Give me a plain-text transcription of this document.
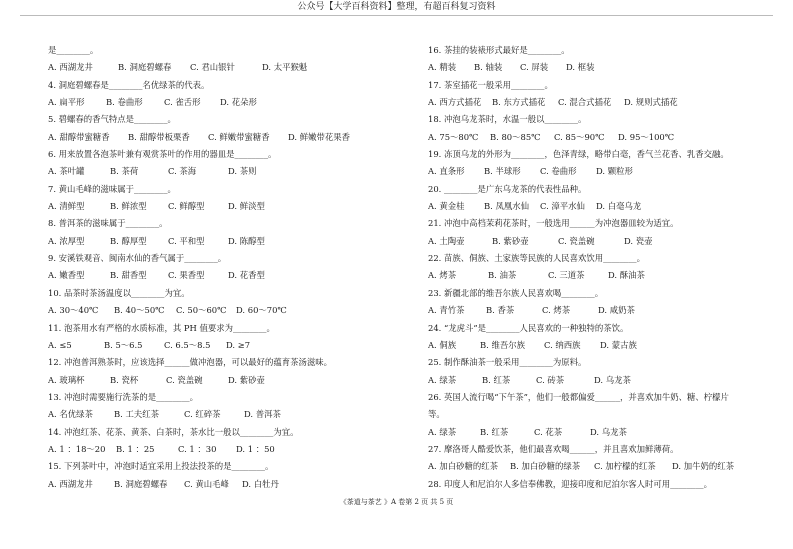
公众号【大学百科资料】整理，有超百科复习资料
是________。
A. 西湖龙井	B. 洞庭碧螺春	C. 君山银针	D. 太平猴魁
4. 洞庭碧螺春是________名优绿茶的代表。
A. 扁平形	B. 卷曲形	C. 雀舌形	D. 花朵形
5. 碧螺春的香气特点是________。
A. 甜醇带蜜糖香	B. 甜醇带板栗香	C. 鲜嫩带蜜糖香	D. 鲜嫩带花果香
6. 用来放置各泡茶叶兼有观赏茶叶的作用的器皿是________。
A. 茶叶罐	B. 茶荷	C. 茶海	D. 茶则
7. 黄山毛峰的滋味属于________。
A. 清鲜型	B. 鲜浓型	C. 鲜醇型	D. 鲜淡型
8. 普洱茶的滋味属于________。
A. 浓厚型	B. 醇厚型	C. 平和型	D. 陈醇型
9. 安溪铁观音、闽南水仙的香气属于________。
A. 嫩香型	B. 甜香型	C. 果香型	D. 花香型
10. 品茶时茶汤温度以________为宜。
A. 30～40℃	B. 40～50℃	C. 50～60℃	D. 60～70℃
11. 泡茶用水有严格的水质标准，其 PH 值要求为________。
A. ≤5	B. 5～6.5	C. 6.5～8.5	D. ≥7
12. 冲泡普洱熟茶时，应该选择______做冲泡器，可以最好的蕴育茶汤滋味。
A. 玻璃杯	B. 瓷杯	C. 瓷盖碗	D. 紫砂壶
13. 冲泡时需要施行洗茶的是________。
A. 名优绿茶	B. 工夫红茶	C. 红碎茶	D. 普洱茶
14. 冲泡红茶、花茶、黄茶、白茶时，茶水比一般以________为宜。
A. 1 ：18～20	B. 1 ：25	C. 1 ：30	D. 1 ：50
15. 下列茶叶中，冲泡时适宜采用上投法投茶的是________。
A. 西湖龙井	B. 洞庭碧螺春	C. 黄山毛峰	D. 白牡丹
16. 茶挂的装裱形式最好是________。
A. 精装	B. 轴装	C. 屏装	D. 框装
17. 茶室插花一般采用________。
A. 西方式插花	B. 东方式插花	C. 混合式插花	D. 规则式插花
18. 冲泡乌龙茶时，水温一般以________。
A. 75～80℃	B. 80～85℃	C. 85～90℃	D. 95～100℃
19. 冻顶乌龙的外形为________，色泽青绿，略带白毫，香气兰花香、乳香交融。
A. 直条形	B. 半球形	C. 卷曲形	D. 颗粒形
20. ________是广东乌龙茶的代表性品种。
A. 黄金桂	B. 凤凰水仙	C. 漳平水仙	D. 白毫乌龙
21. 冲泡中高档茉莉花茶时，一般选用______为冲泡器皿较为适宜。
A. 土陶壶	B. 紫砂壶	C. 瓷盖碗	D. 瓷壶
22. 苗族、侗族、土家族等民族的人民喜欢饮用________。
A. 烤茶	B. 油茶	C. 三道茶	D. 酥油茶
23. 新疆北部的维吾尔族人民喜欢喝________。
A. 青竹茶	B. 香茶	C. 烤茶	D. 咸奶茶
24. “龙虎斗”是________人民喜欢的一种独特的茶饮。
A. 侗族	B. 维吾尔族	C. 纳西族	D. 蒙古族
25. 制作酥油茶一般采用________为原料。
A. 绿茶	B. 红茶	C. 砖茶	D. 乌龙茶
26. 英国人流行喝“下午茶”，他们一般都偏爱______，并喜欢加牛奶、糖、柠檬片
等。
A. 绿茶	B. 红茶	C. 花茶	D. 乌龙茶
27. 摩洛哥人酷爱饮茶，他们最喜欢喝______，并且喜欢加鲜薄荷。
A. 加白砂糖的红茶	B. 加白砂糖的绿茶	C. 加柠檬的红茶	D. 加牛奶的红茶
28. 印度人和尼泊尔人多信奉佛教，迎接印度和尼泊尔客人时可用________。
《茶道与茶艺 》A 卷第 2 页 共 5 页
